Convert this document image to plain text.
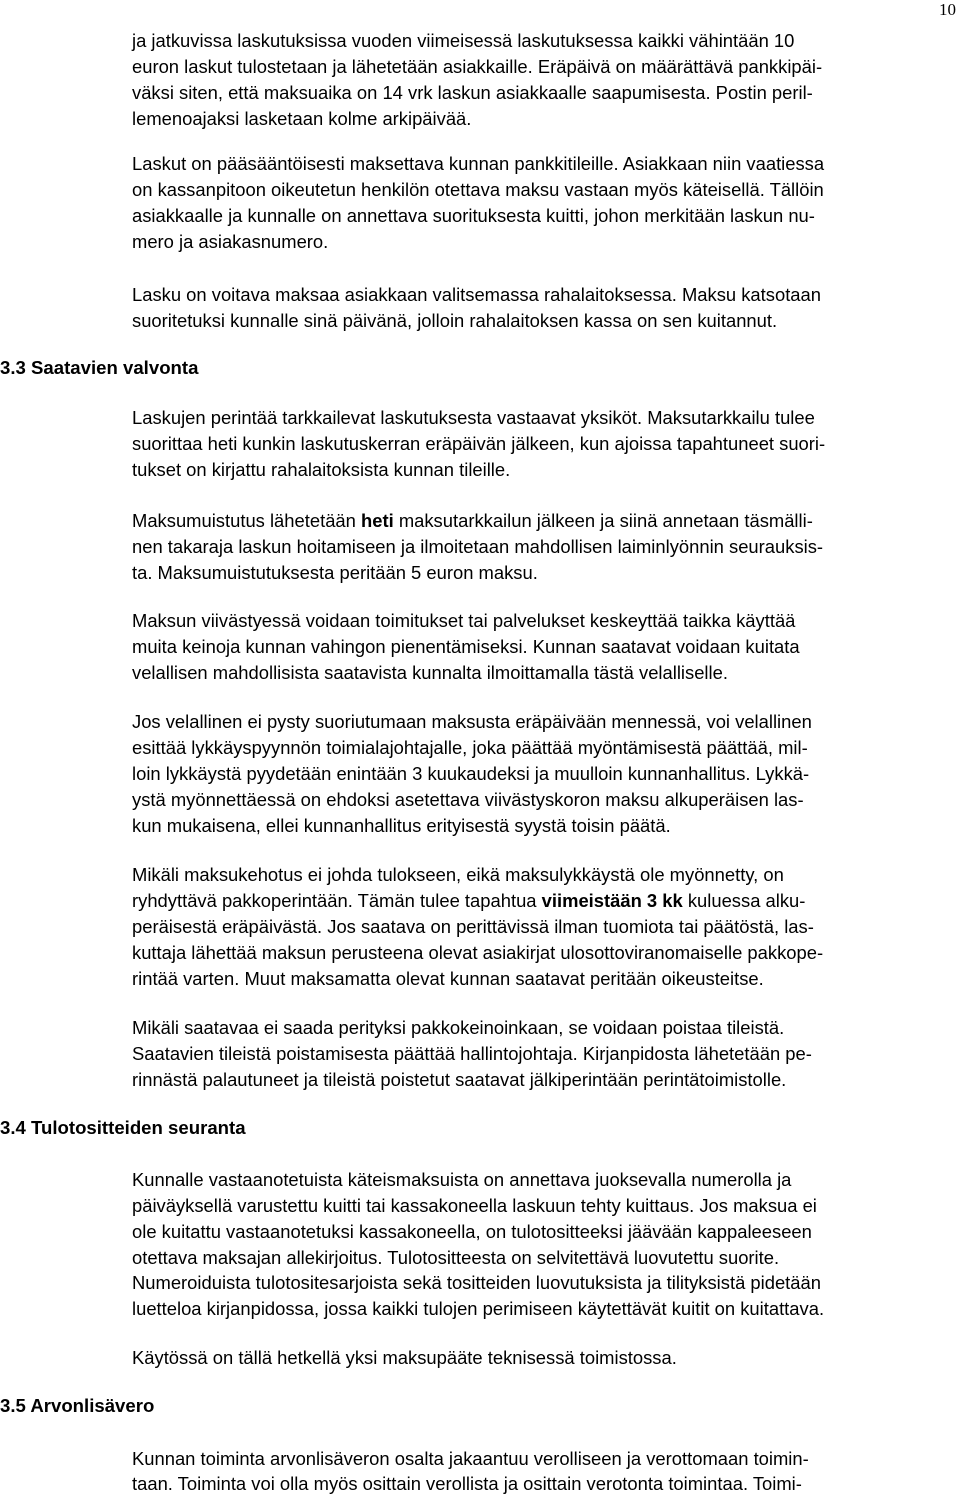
10
3.3 Saatavien valvonta
3.4 Tulotositteiden seuranta
3.5 Arvonlisävero
ja jatkuvissa laskutuksissa vuoden viimeisessä laskutuksessa kaikki vähintään 10
euron laskut tulostetaan ja lähetetään asiakkaille. Eräpäivä on määrättävä pankkipäi-
väksi siten, että maksuaika on 14 vrk laskun asiakkaalle saapumisesta. Postin peril-
lemenoajaksi lasketaan kolme arkipäivää.
Laskut on pääsääntöisesti maksettava kunnan pankkitileille. Asiakkaan niin vaatiessa
on kassanpitoon oikeutetun henkilön otettava maksu vastaan myös käteisellä. Tällöin
asiakkaalle ja kunnalle on annettava suorituksesta kuitti, johon merkitään laskun nu-
mero ja asiakasnumero.
Lasku on voitava maksaa asiakkaan valitsemassa rahalaitoksessa. Maksu katsotaan
suoritetuksi kunnalle sinä päivänä, jolloin rahalaitoksen kassa on sen kuitannut.
Laskujen perintää tarkkailevat laskutuksesta vastaavat yksiköt. Maksutarkkailu tulee
suorittaa heti kunkin laskutuskerran eräpäivän jälkeen, kun ajoissa tapahtuneet suori-
tukset on kirjattu rahalaitoksista kunnan tileille.
Maksumuistutus lähetetään heti maksutarkkailun jälkeen ja siinä annetaan täsmälli-
nen takaraja laskun hoitamiseen ja ilmoitetaan mahdollisen laiminlyönnin seurauksis-
ta. Maksumuistutuksesta peritään 5 euron maksu.
Maksun viivästyessä voidaan toimitukset tai palvelukset keskeyttää taikka käyttää
muita keinoja kunnan vahingon pienentämiseksi. Kunnan saatavat voidaan kuitata
velallisen mahdollisista saatavista kunnalta ilmoittamalla tästä velalliselle.
Jos velallinen ei pysty suoriutumaan maksusta eräpäivään mennessä, voi velallinen
esittää lykkäyspyynnön toimialajohtajalle, joka päättää myöntämisestä päättää, mil-
loin lykkäystä pyydetään enintään 3 kuukaudeksi ja muulloin kunnanhallitus. Lykkä-
ystä myönnettäessä on ehdoksi asetettava viivästyskoron maksu alkuperäisen las-
kun mukaisena, ellei kunnanhallitus erityisestä syystä toisin päätä.
Mikäli maksukehotus ei johda tulokseen, eikä maksulykkäystä ole myönnetty, on
ryhdyttävä pakkoperintään. Tämän tulee tapahtua viimeistään 3 kk kuluessa alku-
peräisestä eräpäivästä. Jos saatava on perittävissä ilman tuomiota tai päätöstä, las-
kuttaja lähettää maksun perusteena olevat asiakirjat ulosottoviranomaiselle pakkope-
rintää varten. Muut maksamatta olevat kunnan saatavat peritään oikeusteitse.
Mikäli saatavaa ei saada perityksi pakkokeinoinkaan, se voidaan poistaa tileistä.
Saatavien tileistä poistamisesta päättää hallintojohtaja. Kirjanpidosta lähetetään pe-
rinnästä palautuneet ja tileistä poistetut saatavat jälkiperintään perintätoimistolle.
Kunnalle vastaanotetuista käteismaksuista on annettava juoksevalla numerolla ja
päiväyksellä varustettu kuitti tai kassakoneella laskuun tehty kuittaus. Jos maksua ei
ole kuitattu vastaanotetuksi kassakoneella, on tulotositteeksi jäävään kappaleeseen
otettava maksajan allekirjoitus. Tulotositteesta on selvitettävä luovutettu suorite.
Numeroiduista tulotositesarjoista sekä tositteiden luovutuksista ja tilityksistä pidetään
luetteloa kirjanpidossa, jossa kaikki tulojen perimiseen käytettävät kuitit on kuitattava.
Käytössä on tällä hetkellä yksi maksupääte teknisessä toimistossa.
Kunnan toiminta arvonlisäveron osalta jakaantuu verolliseen ja verottomaan toimin-
taan. Toiminta voi olla myös osittain verollista ja osittain verotonta toimintaa. Toimi-
